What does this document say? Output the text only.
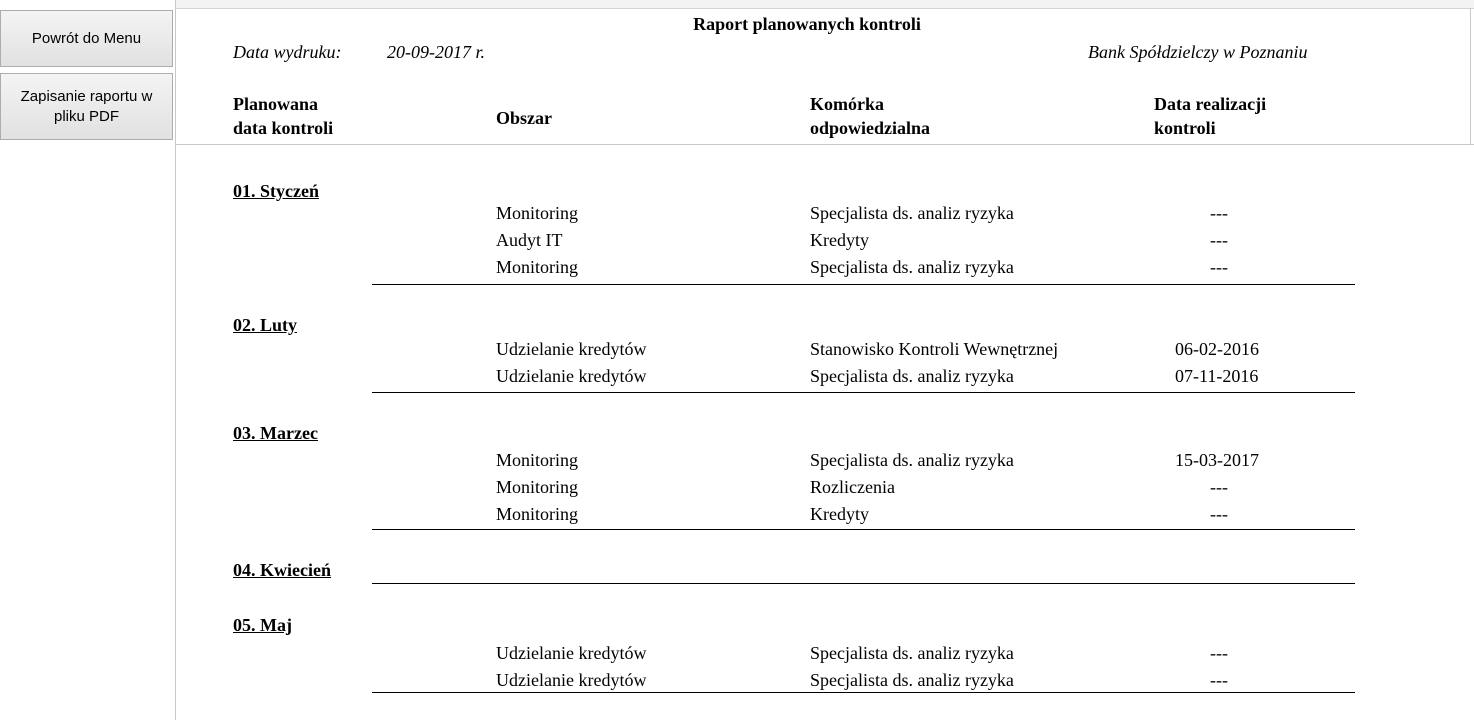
Powrót do Menu
Zapisanie raportu w pliku PDF
Raport planowanych kontroli
Data wydruku:	20-09-2017 r.	Bank Spółdzielczy w Poznaniu
Planowana
data kontroli	Obszar
Komórka
odpowiedzialna
Data realizacji
kontroli
01. Styczeń
Monitoring	Specjalista ds. analiz ryzyka	---
Audyt IT	Kredyty	---
Monitoring	Specjalista ds. analiz ryzyka	---
02. Luty
Udzielanie kredytów	Stanowisko Kontroli Wewnętrznej	06-02-2016
Udzielanie kredytów	Specjalista ds. analiz ryzyka	07-11-2016
03. Marzec
Monitoring	Specjalista ds. analiz ryzyka	15-03-2017
Monitoring	Rozliczenia	---
Monitoring	Kredyty	---
04. Kwiecień
05. Maj
Udzielanie kredytów	Specjalista ds. analiz ryzyka	---
Udzielanie kredytów	Specjalista ds. analiz ryzyka	---
